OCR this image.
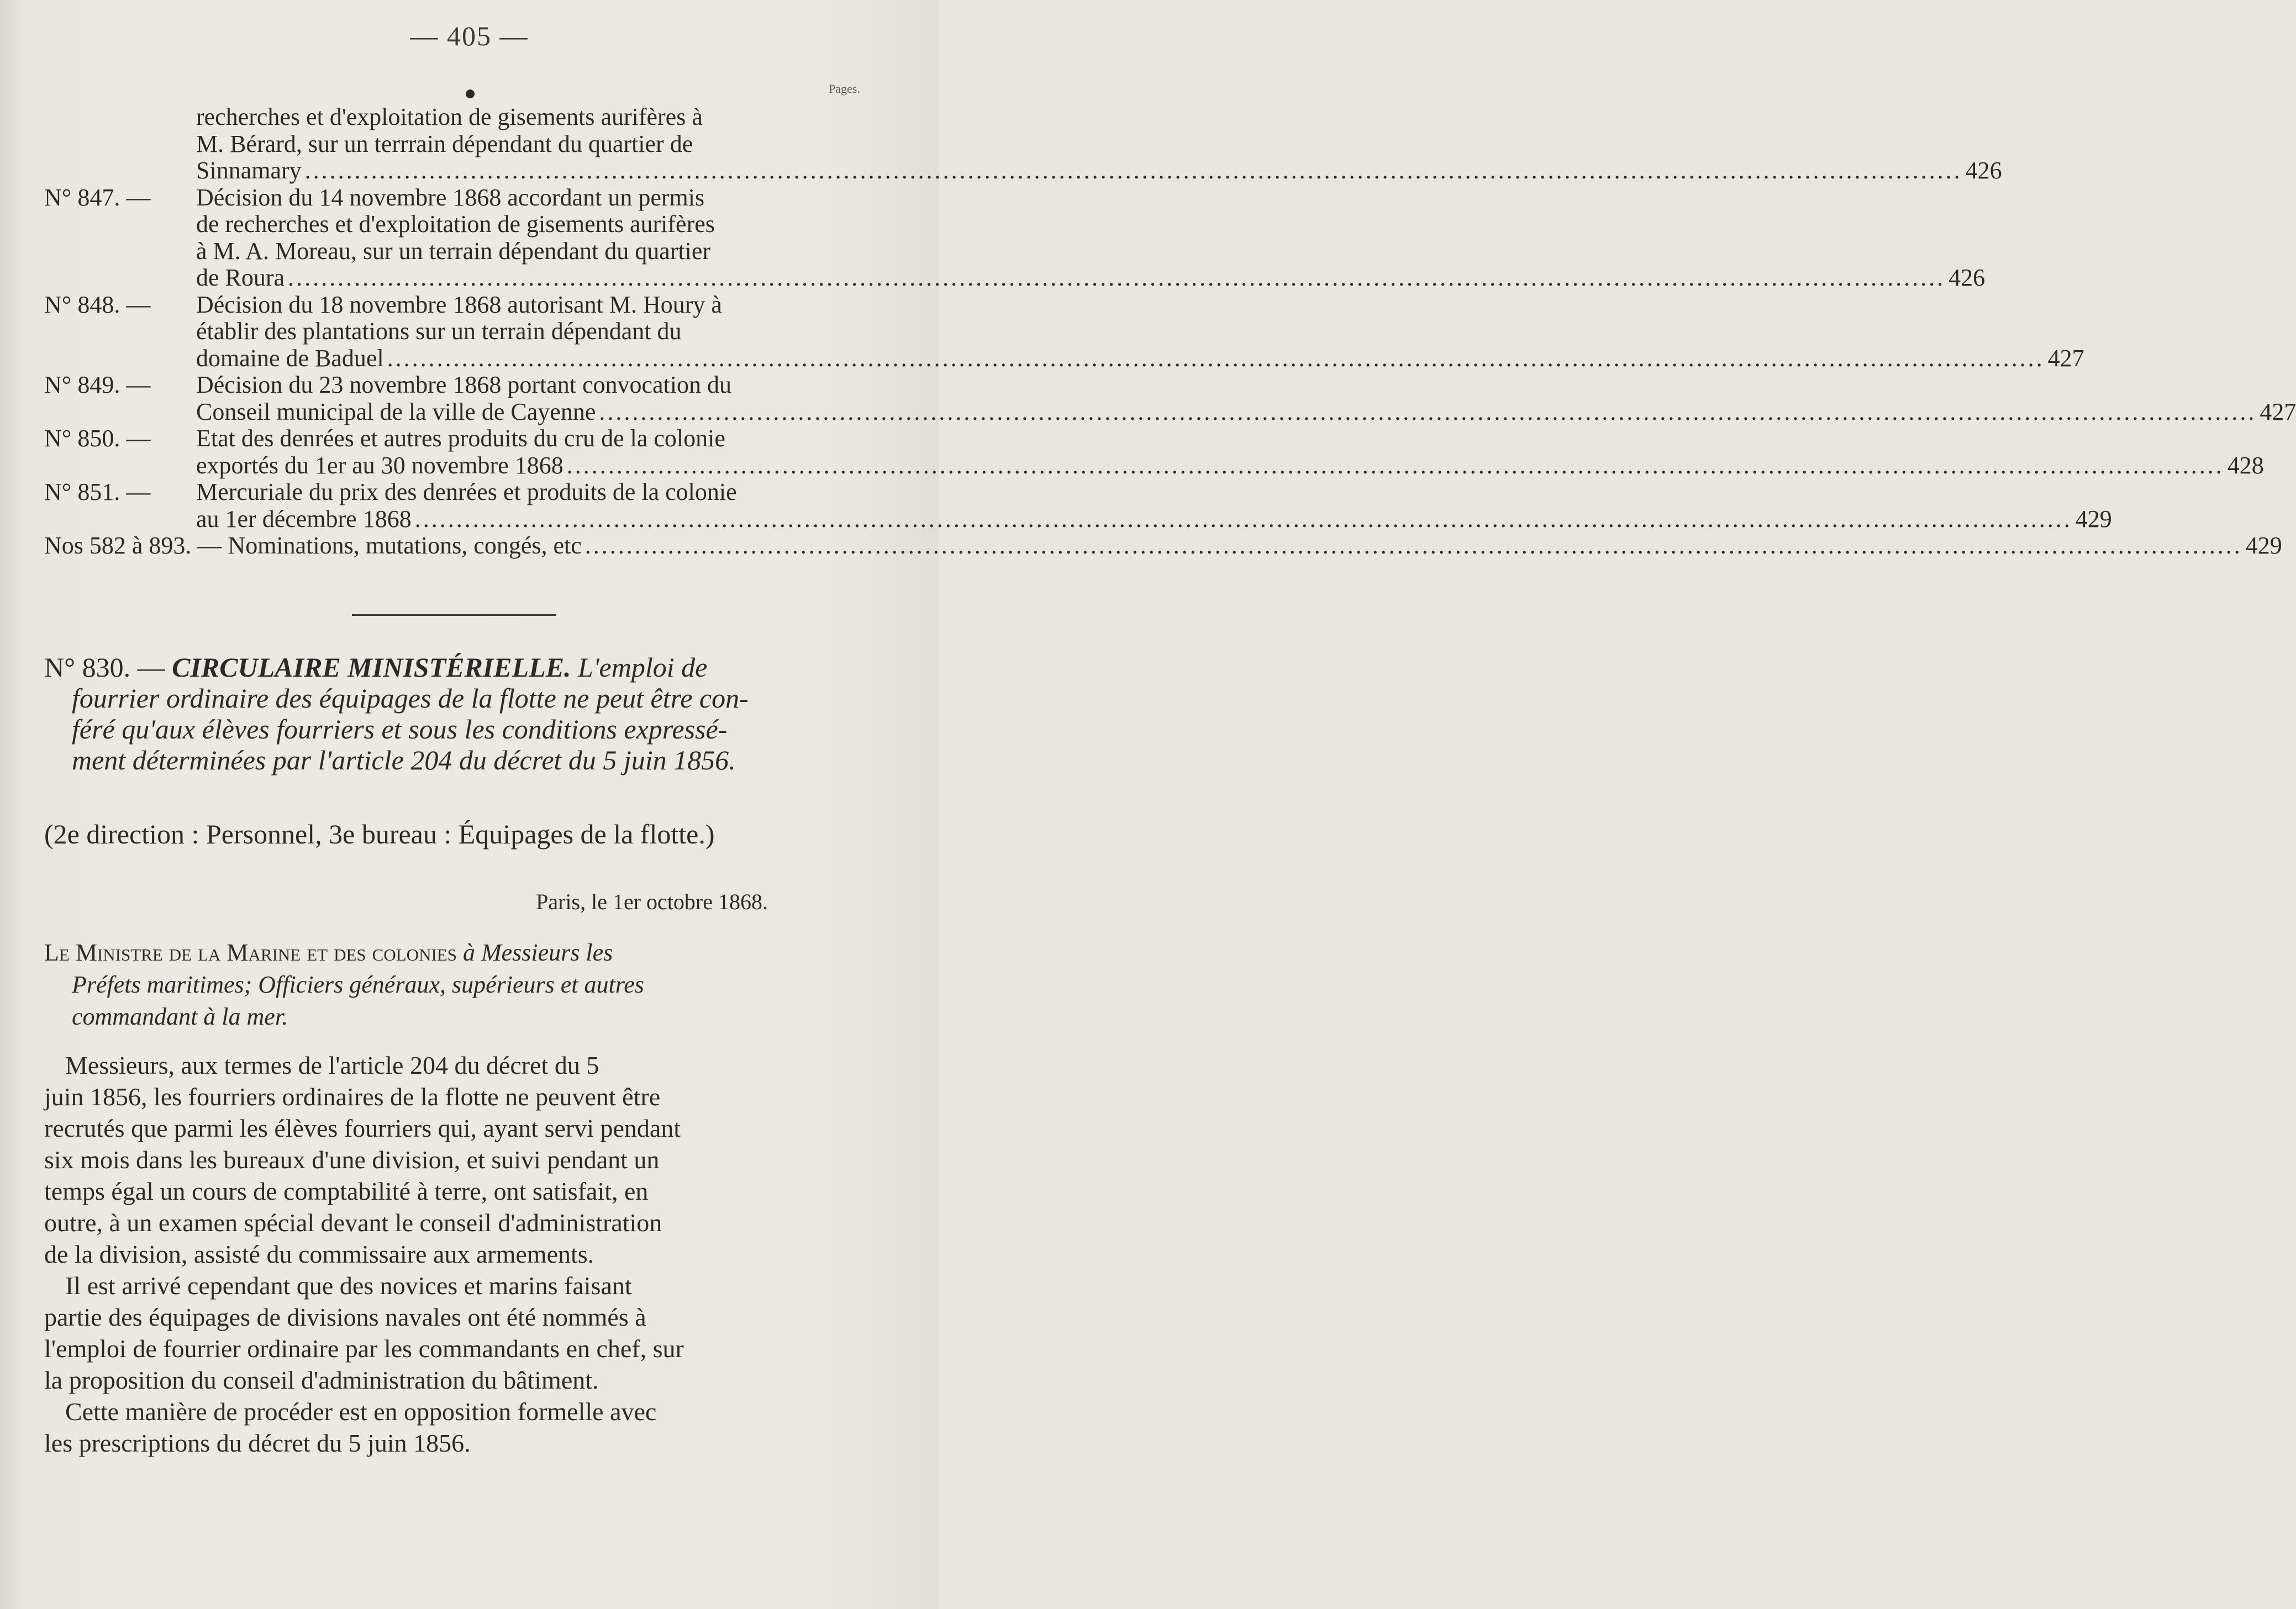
— 405 —
Pages.
recherches et d'exploitation de gisements aurifères à
M. Bérard, sur un terrrain dépendant du quartier de
Sinnamary ........................................................................................................................................................................................................ 426
N° 847. — Décision du 14 novembre 1868 accordant un permis
de recherches et d'exploitation de gisements aurifères
à M. A. Moreau, sur un terrain dépendant du quartier
de Roura ........................................................................................................................................................................................................ 426
N° 848. — Décision du 18 novembre 1868 autorisant M. Houry à
établir des plantations sur un terrain dépendant du
domaine de Baduel ........................................................................................................................................................................................................ 427
N° 849. — Décision du 23 novembre 1868 portant convocation du
Conseil municipal de la ville de Cayenne ........................................................................................................................................................................................................ 427
N° 850. — Etat des denrées et autres produits du cru de la colonie
exportés du 1er au 30 novembre 1868 ........................................................................................................................................................................................................ 428
N° 851. — Mercuriale du prix des denrées et produits de la colonie
au 1er décembre 1868 ........................................................................................................................................................................................................ 429
Nos 582 à 893. — Nominations, mutations, congés, etc ........................................................................................................................................................................................................ 429
N° 830. — CIRCULAIRE MINISTÉRIELLE. L'emploi de
fourrier ordinaire des équipages de la flotte ne peut être con-
féré qu'aux élèves fourriers et sous les conditions expressé-
ment déterminées par l'article 204 du décret du 5 juin 1856.
(2e direction : Personnel, 3e bureau : Équipages de la flotte.)
Paris, le 1er octobre 1868.
Le Ministre de la Marine et des colonies à Messieurs les
Préfets maritimes; Officiers généraux, supérieurs et autres
commandant à la mer.
Messieurs, aux termes de l'article 204 du décret du 5
juin 1856, les fourriers ordinaires de la flotte ne peuvent être
recrutés que parmi les élèves fourriers qui, ayant servi pendant
six mois dans les bureaux d'une division, et suivi pendant un
temps égal un cours de comptabilité à terre, ont satisfait, en
outre, à un examen spécial devant le conseil d'administration
de la division, assisté du commissaire aux armements.
Il est arrivé cependant que des novices et marins faisant
partie des équipages de divisions navales ont été nommés à
l'emploi de fourrier ordinaire par les commandants en chef, sur
la proposition du conseil d'administration du bâtiment.
Cette manière de procéder est en opposition formelle avec
les prescriptions du décret du 5 juin 1856.
